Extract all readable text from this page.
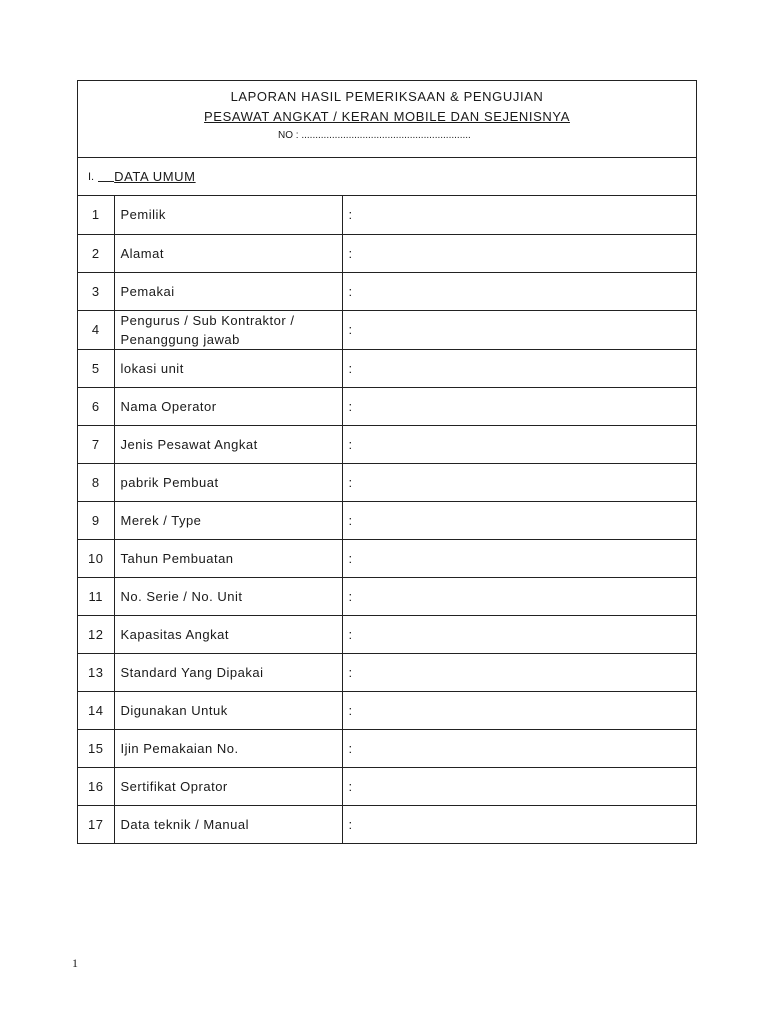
LAPORAN HASIL PEMERIKSAAN & PENGUJIAN

PESAWAT ANGKAT / KERAN MOBILE DAN SEJENISNYA

NO : .............................................................

I.	DATA UMUM
1	Pemilik	:
2	Alamat	:
3	Pemakai	:
4	Pengurus / Sub Kontraktor / Penanggung jawab	:
5	lokasi unit	:
6	Nama Operator	:
7	Jenis Pesawat Angkat	:
8	pabrik Pembuat	:
9	Merek / Type	:
10	Tahun Pembuatan	:
11	No. Serie / No. Unit	:
12	Kapasitas Angkat	:
13	Standard Yang Dipakai	:
14	Digunakan Untuk	:
15	Ijin Pemakaian No.	:
16	Sertifikat Oprator	:
17	Data teknik / Manual	:
1
